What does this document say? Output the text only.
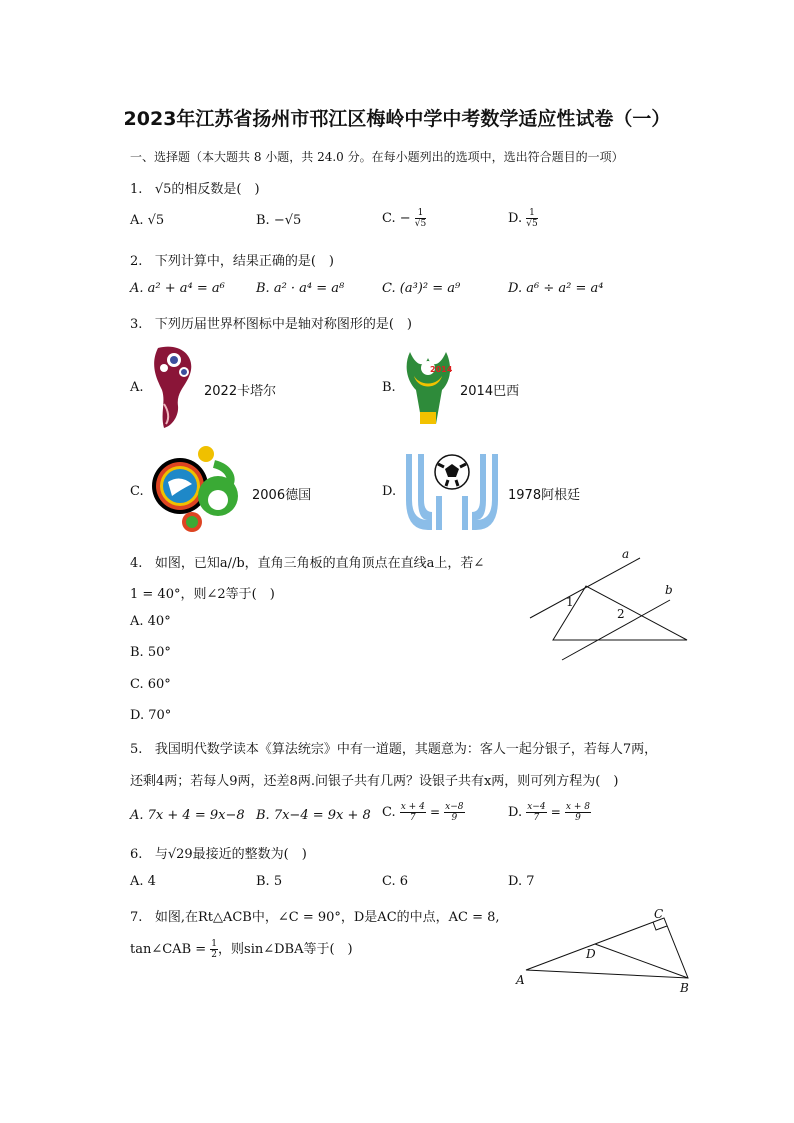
2023年江苏省扬州市邗江区梅岭中学中考数学适应性试卷（一）
一、选择题（本大题共 8 小题，共 24.0 分。在每小题列出的选项中，选出符合题目的一项）
1. √5的相反数是(　)
A. √5	B. −√5	C. − $\frac{1}{√5}$	D. $\frac{1}{√5}$
2. 下列计算中，结果正确的是(　)
A. a² + a⁴ = a⁶ B. a² · a⁴ = a⁸	C. (a³)² = a⁹	D. a⁶ ÷ a² = a⁴
3. 下列历届世界杯图标中是轴对称图形的是(　)
A.	2022卡塔尔	B.
2014
2014巴西
C.	2006德国	D.	1978阿根廷
4. 如图，已知a//b，直角三角板的直角顶点在直线a上，若∠
1 = 40°，则∠2等于(　)
A. 40°
B. 50°
C. 60°
D. 70°
a
b
1
2
5. 我国明代数学读本《算法统宗》中有一道题，其题意为：客人一起分银子，若每人7两，
还剩4两；若每人9两，还差8两.问银子共有几两？设银子共有x两，则可列方程为(　)
A. 7x + 4 = 9x−8 B. 7x−4 = 9x + 8 C. $\frac{x + 4}{7} = \frac{x-8}{9}$	D. $\frac{x-4}{7} = \frac{x + 8}{9}$
6. 与√29最接近的整数为(　)
A. 4	B. 5	C. 6	D. 7
7. 如图,在Rt△ACB中，∠C = 90°，D是AC的中点，AC = 8,
tan∠CAB = $\frac{1}{2}$ ，则sin∠DBA等于(　)
A
B
C
D
